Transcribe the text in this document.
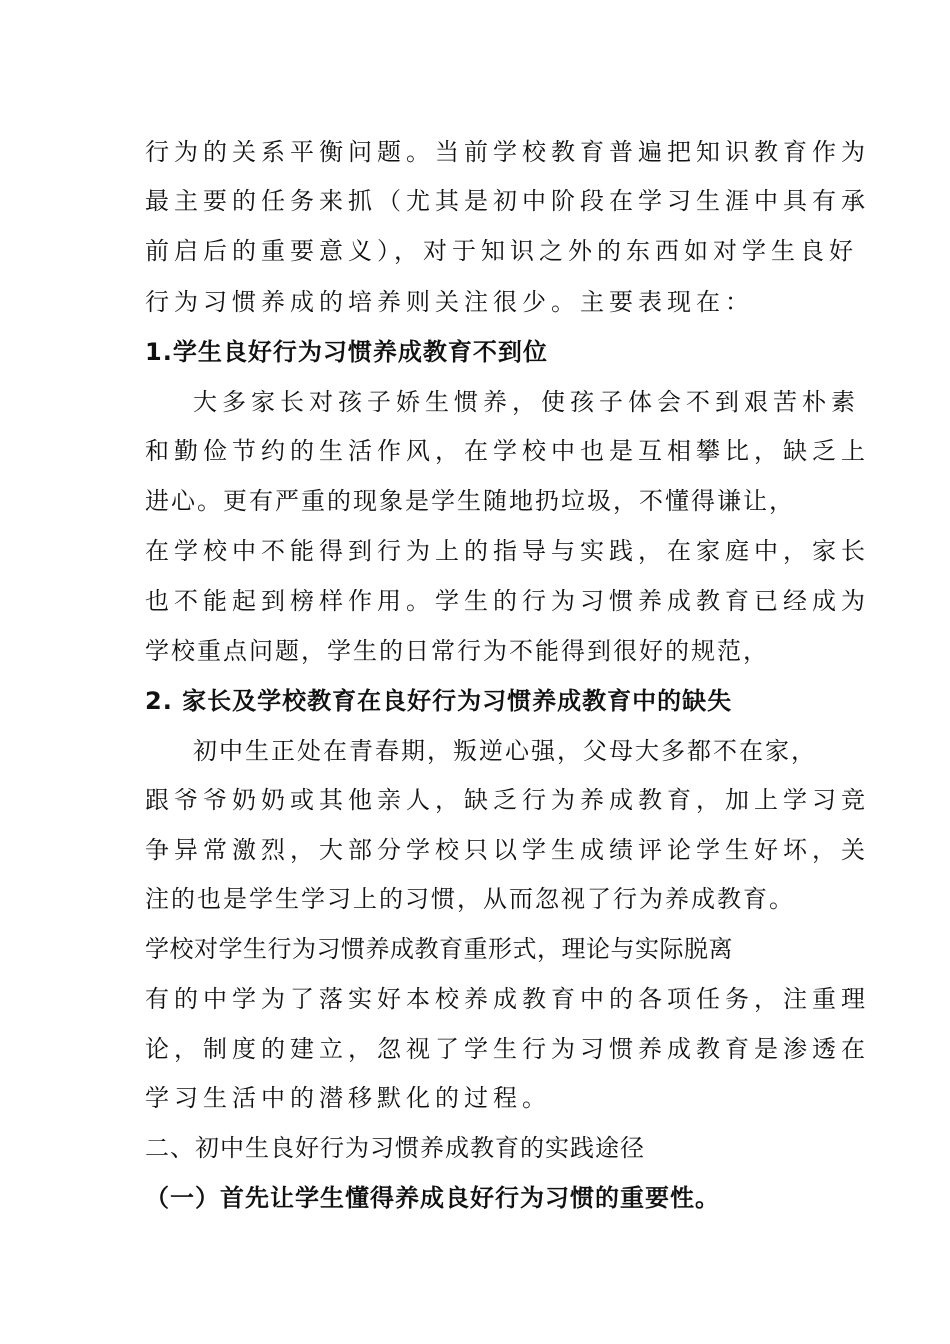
行为的关系平衡问题。当前学校教育普遍把知识教育作为
最主要的任务来抓（尤其是初中阶段在学习生涯中具有承
前启后的重要意义），对于知识之外的东西如对学生良好
行为习惯养成的培养则关注很少。主要表现在：
1.学生良好行为习惯养成教育不到位
大多家长对孩子娇生惯养，使孩子体会不到艰苦朴素
和勤俭节约的生活作风，在学校中也是互相攀比，缺乏上
进心。更有严重的现象是学生随地扔垃圾，不懂得谦让，
在学校中不能得到行为上的指导与实践，在家庭中，家长
也不能起到榜样作用。学生的行为习惯养成教育已经成为
学校重点问题，学生的日常行为不能得到很好的规范，
2. 家长及学校教育在良好行为习惯养成教育中的缺失
初中生正处在青春期，叛逆心强，父母大多都不在家，
跟爷爷奶奶或其他亲人，缺乏行为养成教育，加上学习竞
争异常激烈，大部分学校只以学生成绩评论学生好坏，关
注的也是学生学习上的习惯，从而忽视了行为养成教育。
学校对学生行为习惯养成教育重形式，理论与实际脱离
有的中学为了落实好本校养成教育中的各项任务，注重理
论，制度的建立，忽视了学生行为习惯养成教育是渗透在
学习生活中的潜移默化的过程。
二、初中生良好行为习惯养成教育的实践途径
（一）首先让学生懂得养成良好行为习惯的重要性。
